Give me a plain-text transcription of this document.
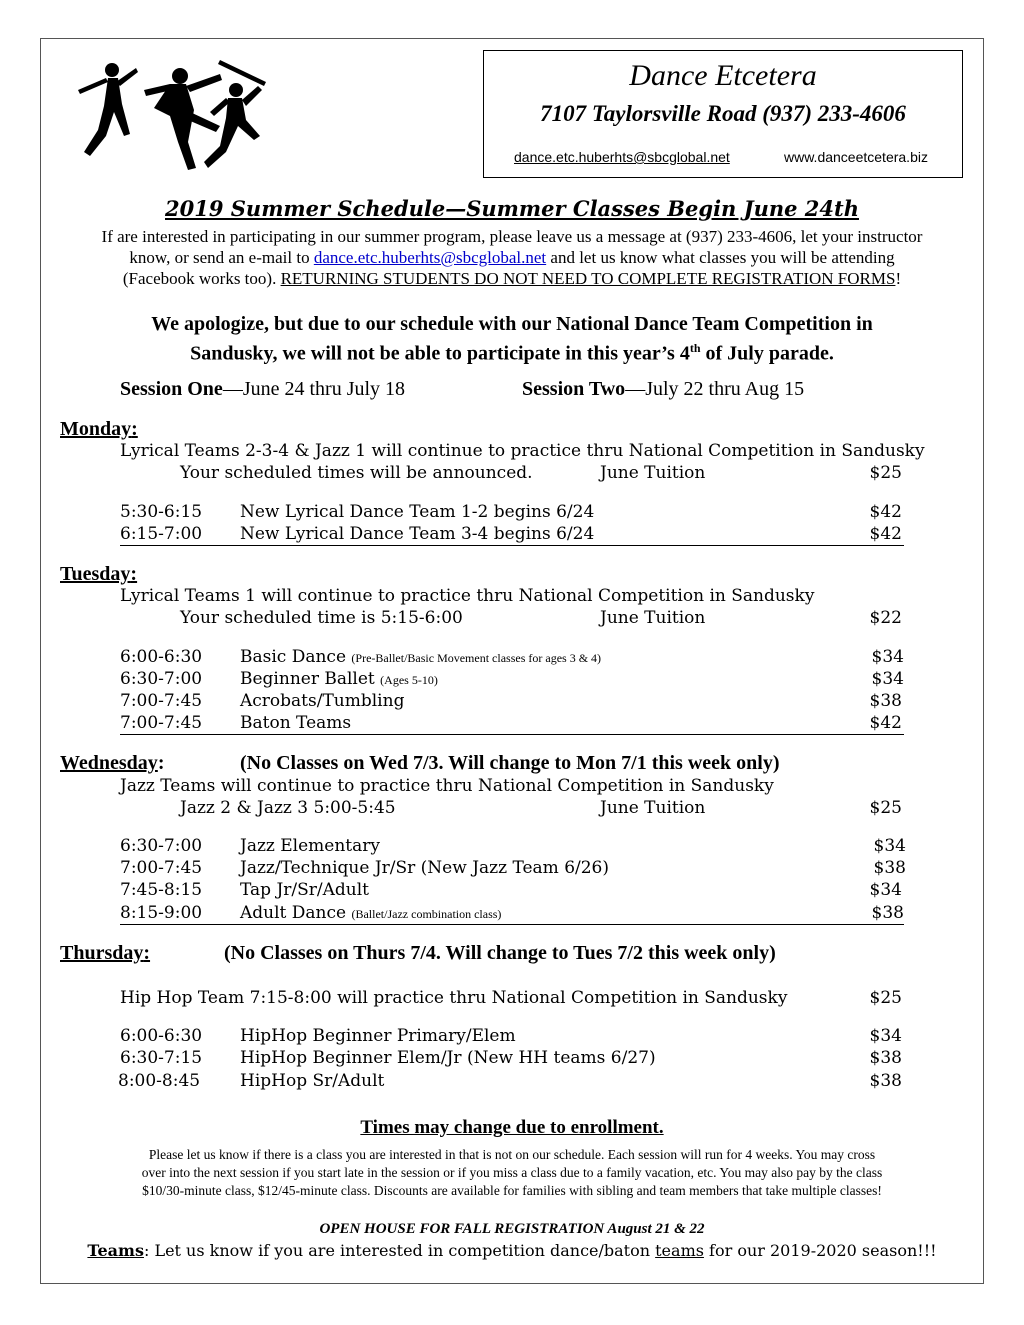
Dance Etcetera
7107 Taylorsville Road (937) 233-4606
dance.etc.huberhts@sbcglobal.net	www.danceetcetera.biz
2019 Summer Schedule—Summer Classes Begin June 24th
If are interested in participating in our summer program, please leave us a message at (937) 233-4606, let your instructor
know, or send an e-mail to dance.etc.huberhts@sbcglobal.net and let us know what classes you will be attending
(Facebook works too). RETURNING STUDENTS DO NOT NEED TO COMPLETE REGISTRATION FORMS!
We apologize, but due to our schedule with our National Dance Team Competition in
Sandusky, we will not be able to participate in this year’s 4th of July parade.
Session One—June 24 thru July 18	Session Two—July 22 thru Aug 15
Monday:
Lyrical Teams 2-3-4 & Jazz 1 will continue to practice thru National Competition in Sandusky
Your scheduled times will be announced.	June Tuition	$25
5:30-6:15 New Lyrical Dance Team 1-2 begins 6/24	$42
6:15-7:00 New Lyrical Dance Team 3-4 begins 6/24	$42
Tuesday:
Lyrical Teams 1 will continue to practice thru National Competition in Sandusky
Your scheduled time is 5:15-6:00	June Tuition	$22
6:00-6:30 Basic Dance (Pre-Ballet/Basic Movement classes for ages 3 & 4)	$34
6:30-7:00 Beginner Ballet (Ages 5-10)	$34
7:00-7:45 Acrobats/Tumbling	$38
7:00-7:45 Baton Teams	$42
Wednesday:	(No Classes on Wed 7/3. Will change to Mon 7/1 this week only)
Jazz Teams will continue to practice thru National Competition in Sandusky
Jazz 2 & Jazz 3 5:00-5:45	June Tuition	$25
6:30-7:00 Jazz Elementary	$34
7:00-7:45 Jazz/Technique Jr/Sr (New Jazz Team 6/26)	$38
7:45-8:15 Tap Jr/Sr/Adult	$34
8:15-9:00 Adult Dance (Ballet/Jazz combination class)	$38
Thursday:	(No Classes on Thurs 7/4. Will change to Tues 7/2 this week only)
Hip Hop Team 7:15-8:00 will practice thru National Competition in Sandusky	$25
6:00-6:30 HipHop Beginner Primary/Elem	$34
6:30-7:15 HipHop Beginner Elem/Jr (New HH teams 6/27)	$38
8:00-8:45 HipHop Sr/Adult	$38
Times may change due to enrollment.
Please let us know if there is a class you are interested in that is not on our schedule. Each session will run for 4 weeks. You may cross
over into the next session if you start late in the session or if you miss a class due to a family vacation, etc. You may also pay by the class
$10/30-minute class, $12/45-minute class. Discounts are available for families with sibling and team members that take multiple classes!
OPEN HOUSE FOR FALL REGISTRATION August 21 & 22
Teams: Let us know if you are interested in competition dance/baton teams for our 2019-2020 season!!!
